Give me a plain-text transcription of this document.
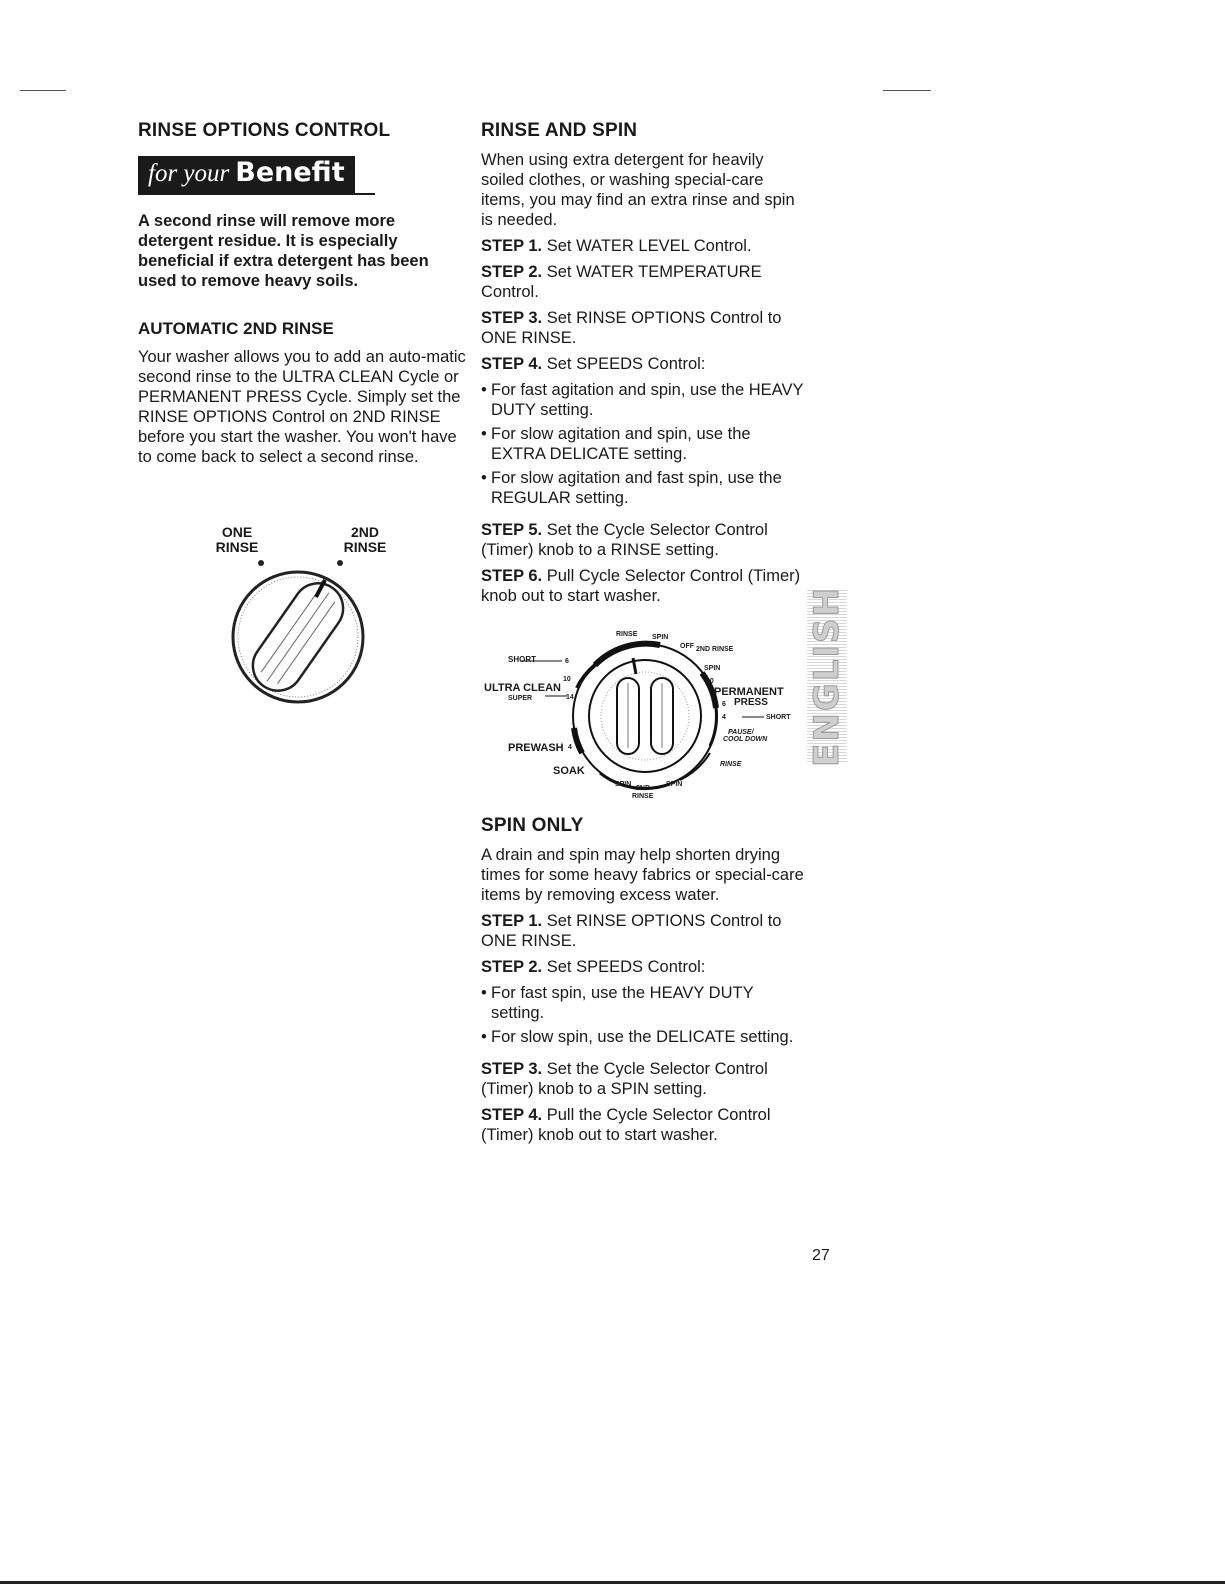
RINSE OPTIONS CONTROL
for your Benefit

A second rinse will remove more detergent residue. It is especially beneficial if extra detergent has been used to remove heavy soils.

AUTOMATIC 2ND RINSE

Your washer allows you to add an auto-matic second rinse to the ULTRA CLEAN Cycle or PERMANENT PRESS Cycle. Simply set the RINSE OPTIONS Control on 2ND RINSE before you start the washer. You won't have to come back to select a second rinse.

ONE
RINSE
2ND
RINSE
RINSE AND SPIN

When using extra detergent for heavily soiled clothes, or washing special-care items, you may find an extra rinse and spin is needed.

STEP 1. Set WATER LEVEL Control.

STEP 2. Set WATER TEMPERATURE Control.

STEP 3. Set RINSE OPTIONS Control to ONE RINSE.

STEP 4. Set SPEEDS Control:

• For fast agitation and spin, use the HEAVY DUTY setting.
• For slow agitation and spin, use the EXTRA DELICATE setting.
• For slow agitation and fast spin, use the REGULAR setting.

STEP 5. Set the Cycle Selector Control (Timer) knob to a RINSE setting.

STEP 6. Pull Cycle Selector Control (Timer) knob out to start washer.

SHORT	6
10
ULTRA CLEAN
SUPER	14
PREWASH 4
SOAK
RINSE SPIN
OFF 2ND RINSE
SPIN
10
PERMANENT
6 PRESS
4	SHORT
PAUSE/
COOL DOWN
RINSE
SPIN	SPIN
2ND
RINSE
SPIN ONLY

A drain and spin may help shorten drying times for some heavy fabrics or special-care items by removing excess water.

STEP 1. Set RINSE OPTIONS Control to ONE RINSE.

STEP 2. Set SPEEDS Control:

• For fast spin, use the HEAVY DUTY setting.
• For slow spin, use the DELICATE setting.

STEP 3. Set the Cycle Selector Control (Timer) knob to a SPIN setting.

STEP 4. Pull the Cycle Selector Control (Timer) knob out to start washer.

ENGLISH
27
